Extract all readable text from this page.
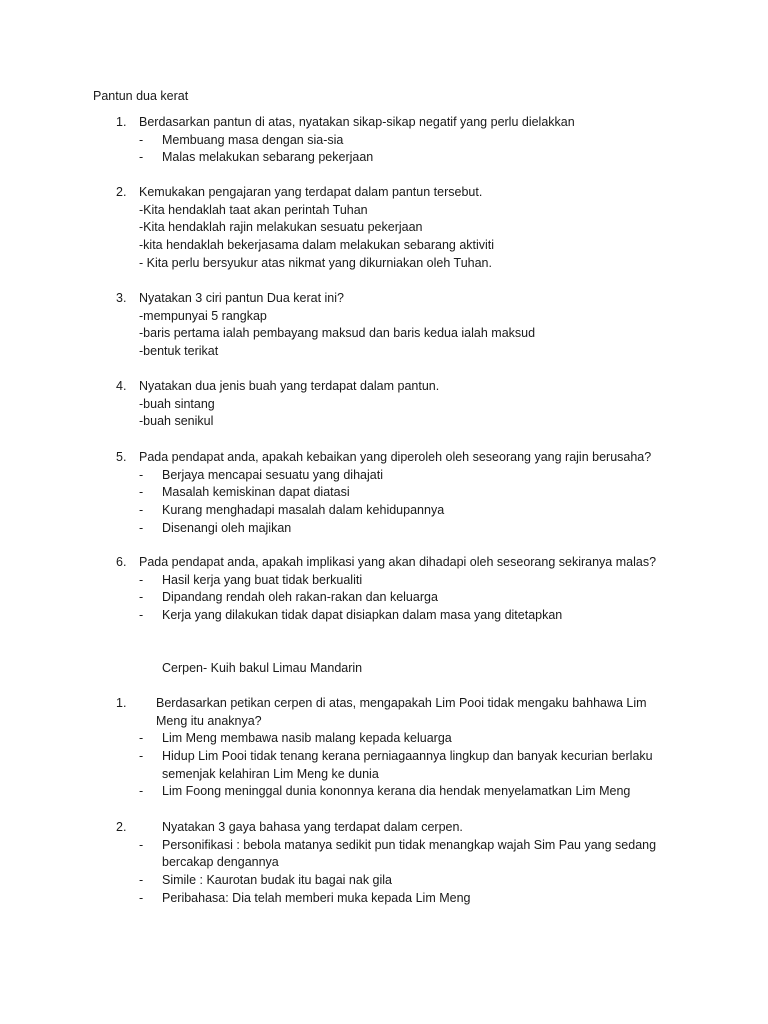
Pantun dua kerat
1. Berdasarkan pantun di atas, nyatakan sikap-sikap negatif yang perlu dielakkan
- Membuang masa dengan sia-sia
- Malas melakukan sebarang pekerjaan
2. Kemukakan pengajaran yang terdapat dalam pantun tersebut.
-Kita hendaklah taat akan perintah Tuhan
-Kita hendaklah rajin melakukan sesuatu pekerjaan
-kita hendaklah bekerjasama dalam melakukan sebarang aktiviti
- Kita perlu bersyukur atas nikmat yang dikurniakan oleh Tuhan.
3. Nyatakan 3 ciri pantun Dua kerat ini?
-mempunyai 5 rangkap
-baris pertama ialah pembayang maksud dan baris kedua ialah maksud
-bentuk terikat
4. Nyatakan dua jenis buah yang terdapat dalam pantun.
-buah sintang
-buah senikul
5. Pada pendapat anda, apakah kebaikan yang diperoleh oleh seseorang yang rajin berusaha?
- Berjaya mencapai sesuatu yang dihajati
- Masalah kemiskinan dapat diatasi
- Kurang menghadapi masalah dalam kehidupannya
- Disenangi oleh majikan
6. Pada pendapat anda, apakah implikasi yang akan dihadapi oleh seseorang sekiranya malas?
- Hasil kerja yang buat tidak berkualiti
- Dipandang rendah oleh rakan-rakan dan keluarga
- Kerja yang dilakukan tidak dapat disiapkan dalam masa yang ditetapkan
Cerpen- Kuih bakul Limau Mandarin
1. Berdasarkan petikan cerpen di atas, mengapakah Lim Pooi tidak mengaku bahhawa Lim
Meng itu anaknya?
- Lim Meng membawa nasib malang kepada keluarga
- Hidup Lim Pooi tidak tenang kerana perniagaannya lingkup dan banyak kecurian berlaku
semenjak kelahiran Lim Meng ke dunia
- Lim Foong meninggal dunia kononnya kerana dia hendak menyelamatkan Lim Meng
2.	Nyatakan 3 gaya bahasa yang terdapat dalam cerpen.
- Personifikasi : bebola matanya sedikit pun tidak menangkap wajah Sim Pau yang sedang
bercakap dengannya
- Simile : Kaurotan budak itu bagai nak gila
- Peribahasa: Dia telah memberi muka kepada Lim Meng
